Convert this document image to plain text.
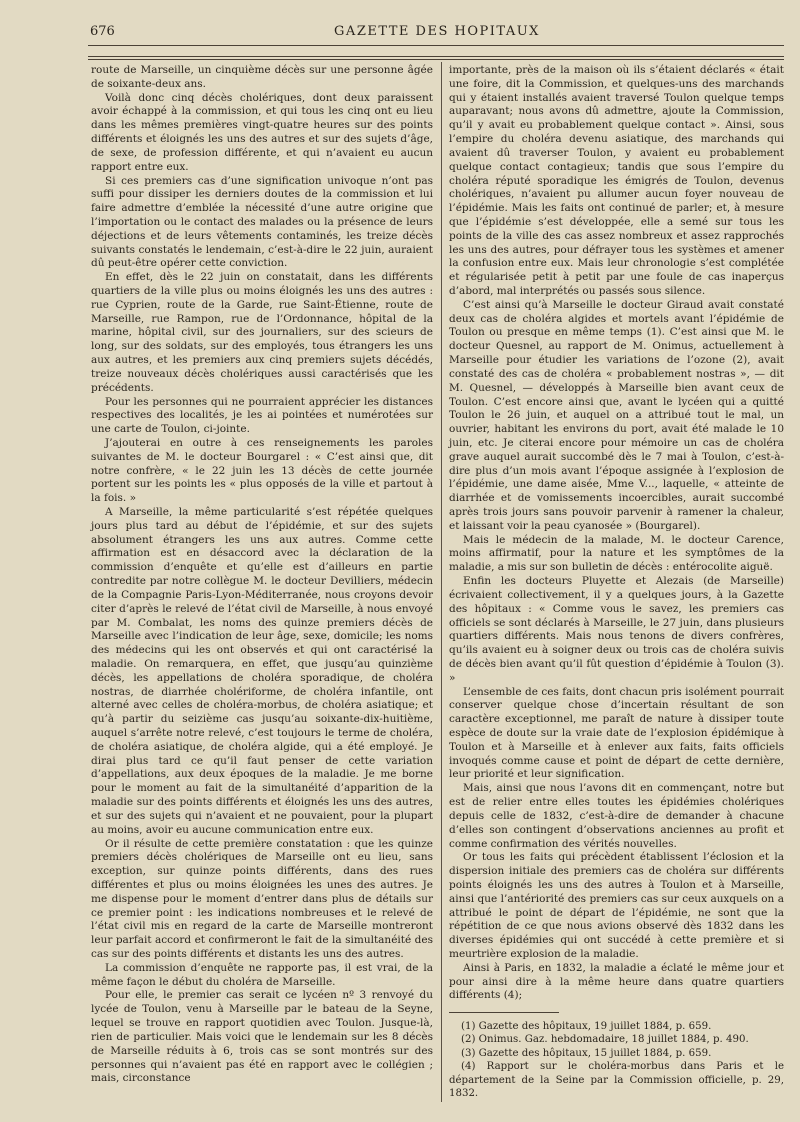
676	GAZETTE DES HOPITAUX

route de Marseille, un cinquième décès sur une personne âgée de soixante-deux ans.

Voilà donc cinq décès cholériques, dont deux paraissent avoir échappé à la commission, et qui tous les cinq ont eu lieu dans les mêmes premières vingt-quatre heures sur des points différents et éloignés les uns des autres et sur des sujets d’âge, de sexe, de profession différente, et qui n’avaient eu aucun rapport entre eux.

Si ces premiers cas d’une signification univoque n’ont pas suffi pour dissiper les derniers doutes de la commission et lui faire admettre d’emblée la nécessité d’une autre origine que l’importation ou le contact des malades ou la présence de leurs déjections et de leurs vêtements contaminés, les treize décès suivants constatés le lendemain, c’est-à-dire le 22 juin, auraient dû peut-être opérer cette conviction.

En effet, dès le 22 juin on constatait, dans les différents quartiers de la ville plus ou moins éloignés les uns des autres : rue Cyprien, route de la Garde, rue Saint-Étienne, route de Marseille, rue Rampon, rue de l’Ordonnance, hôpital de la marine, hôpital civil, sur des journaliers, sur des scieurs de long, sur des soldats, sur des employés, tous étrangers les uns aux autres, et les premiers aux cinq premiers sujets décédés, treize nouveaux décès cholériques aussi caractérisés que les précédents.

Pour les personnes qui ne pourraient apprécier les distances respectives des localités, je les ai pointées et numérotées sur une carte de Toulon, ci-jointe.

J’ajouterai en outre à ces renseignements les paroles suivantes de M. le docteur Bourgarel : « C’est ainsi que, dit notre confrère, « le 22 juin les 13 décès de cette journée portent sur les points les « plus opposés de la ville et partout à la fois. »

A Marseille, la même particularité s’est répétée quelques jours plus tard au début de l’épidémie, et sur des sujets absolument étrangers les uns aux autres. Comme cette affirmation est en désaccord avec la déclaration de la commission d’enquête et qu’elle est d’ailleurs en partie contredite par notre collègue M. le docteur Devilliers, médecin de la Compagnie Paris-Lyon-Méditerranée, nous croyons devoir citer d’après le relevé de l’état civil de Marseille, à nous envoyé par M. Combalat, les noms des quinze premiers décès de Marseille avec l’indication de leur âge, sexe, domicile; les noms des médecins qui les ont observés et qui ont caractérisé la maladie. On remarquera, en effet, que jusqu’au quinzième décès, les appellations de choléra sporadique, de choléra nostras, de diarrhée cholériforme, de choléra infantile, ont alterné avec celles de choléra-morbus, de choléra asiatique; et qu’à partir du seizième cas jusqu’au soixante-dix-huitième, auquel s’arrête notre relevé, c’est toujours le terme de choléra, de choléra asiatique, de choléra algide, qui a été employé. Je dirai plus tard ce qu’il faut penser de cette variation d’appellations, aux deux époques de la maladie. Je me borne pour le moment au fait de la simultanéité d’apparition de la maladie sur des points différents et éloignés les uns des autres, et sur des sujets qui n’avaient et ne pouvaient, pour la plupart au moins, avoir eu aucune communication entre eux.

Or il résulte de cette première constatation : que les quinze premiers décès cholériques de Marseille ont eu lieu, sans exception, sur quinze points différents, dans des rues différentes et plus ou moins éloignées les unes des autres. Je me dispense pour le moment d’entrer dans plus de détails sur ce premier point : les indications nombreuses et le relevé de l’état civil mis en regard de la carte de Marseille montreront leur parfait accord et confirmeront le fait de la simultanéité des cas sur des points différents et distants les uns des autres.

La commission d’enquête ne rapporte pas, il est vrai, de la même façon le début du choléra de Marseille.

Pour elle, le premier cas serait ce lycéen nº 3 renvoyé du lycée de Toulon, venu à Marseille par le bateau de la Seyne, lequel se trouve en rapport quotidien avec Toulon. Jusque-là, rien de particulier. Mais voici que le lendemain sur les 8 décès de Marseille réduits à 6, trois cas se sont montrés sur des personnes qui n’avaient pas été en rapport avec le collégien ; mais, circonstance

importante, près de la maison où ils s’étaient déclarés « était une foire, dit la Commission, et quelques-uns des marchands qui y étaient installés avaient traversé Toulon quelque temps auparavant; nous avons dû admettre, ajoute la Commission, qu’il y avait eu probablement quelque contact ». Ainsi, sous l’empire du choléra devenu asiatique, des marchands qui avaient dû traverser Toulon, y avaient eu probablement quelque contact contagieux; tandis que sous l’empire du choléra réputé sporadique les émigrés de Toulon, devenus cholériques, n’avaient pu allumer aucun foyer nouveau de l’épidémie. Mais les faits ont continué de parler; et, à mesure que l’épidémie s’est développée, elle a semé sur tous les points de la ville des cas assez nombreux et assez rapprochés les uns des autres, pour défrayer tous les systèmes et amener la confusion entre eux. Mais leur chronologie s’est complétée et régularisée petit à petit par une foule de cas inaperçus d’abord, mal interprétés ou passés sous silence.

C’est ainsi qu’à Marseille le docteur Giraud avait constaté deux cas de choléra algides et mortels avant l’épidémie de Toulon ou presque en même temps (1). C’est ainsi que M. le docteur Quesnel, au rapport de M. Onimus, actuellement à Marseille pour étudier les variations de l’ozone (2), avait constaté des cas de choléra « probablement nostras », — dit M. Quesnel, — développés à Marseille bien avant ceux de Toulon. C’est encore ainsi que, avant le lycéen qui a quitté Toulon le 26 juin, et auquel on a attribué tout le mal, un ouvrier, habitant les environs du port, avait été malade le 10 juin, etc. Je citerai encore pour mémoire un cas de choléra grave auquel aurait succombé dès le 7 mai à Toulon, c’est-à-dire plus d’un mois avant l’époque assignée à l’explosion de l’épidémie, une dame aisée, Mme V..., laquelle, « atteinte de diarrhée et de vomissements incoercibles, aurait succombé après trois jours sans pouvoir parvenir à ramener la chaleur, et laissant voir la peau cyanosée » (Bourgarel).

Mais le médecin de la malade, M. le docteur Carence, moins affirmatif, pour la nature et les symptômes de la maladie, a mis sur son bulletin de décès : entérocolite aiguë.

Enfin les docteurs Pluyette et Alezais (de Marseille) écrivaient collectivement, il y a quelques jours, à la Gazette des hôpitaux : « Comme vous le savez, les premiers cas officiels se sont déclarés à Marseille, le 27 juin, dans plusieurs quartiers différents. Mais nous tenons de divers confrères, qu’ils avaient eu à soigner deux ou trois cas de choléra suivis de décès bien avant qu’il fût question d’épidémie à Toulon (3). »

L’ensemble de ces faits, dont chacun pris isolément pourrait conserver quelque chose d’incertain résultant de son caractère exceptionnel, me paraît de nature à dissiper toute espèce de doute sur la vraie date de l’explosion épidémique à Toulon et à Marseille et à enlever aux faits, faits officiels invoqués comme cause et point de départ de cette dernière, leur priorité et leur signification.

Mais, ainsi que nous l’avons dit en commençant, notre but est de relier entre elles toutes les épidémies cholériques depuis celle de 1832, c’est-à-dire de demander à chacune d’elles son contingent d’observations anciennes au profit et comme confirmation des vérités nouvelles.

Or tous les faits qui précèdent établissent l’éclosion et la dispersion initiale des premiers cas de choléra sur différents points éloignés les uns des autres à Toulon et à Marseille, ainsi que l’antériorité des premiers cas sur ceux auxquels on a attribué le point de départ de l’épidémie, ne sont que la répétition de ce que nous avions observé dès 1832 dans les diverses épidémies qui ont succédé à cette première et si meurtrière explosion de la maladie.

Ainsi à Paris, en 1832, la maladie a éclaté le même jour et pour ainsi dire à la même heure dans quatre quartiers différents (4);

(1) Gazette des hôpitaux, 19 juillet 1884, p. 659.

(2) Onimus. Gaz. hebdomadaire, 18 juillet 1884, p. 490.

(3) Gazette des hôpitaux, 15 juillet 1884, p. 659.

(4) Rapport sur le choléra-morbus dans Paris et le département de la Seine par la Commission officielle, p. 29, 1832.
